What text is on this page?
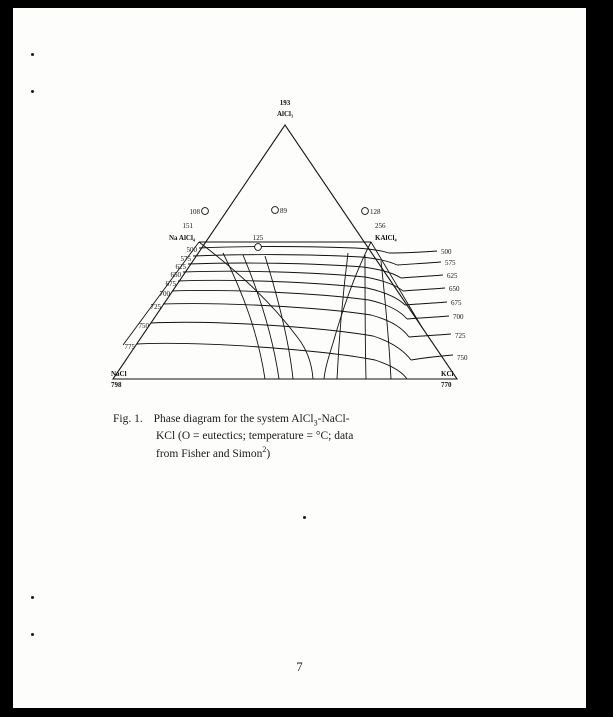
193
AlCl₃
NaCl
798
KCl
770
151
Na AlCl₄
256
KAlCl₄
108	89	128
125
500
575
625
650
675
700
725
750
775
500
575
625
650
675
700
725
750
Fig. 1. Phase diagram for the system AlCl$_3$-NaCl-
KCl (O = eutectics; temperature = °C; data
from Fisher and Simon$^2$)
7
